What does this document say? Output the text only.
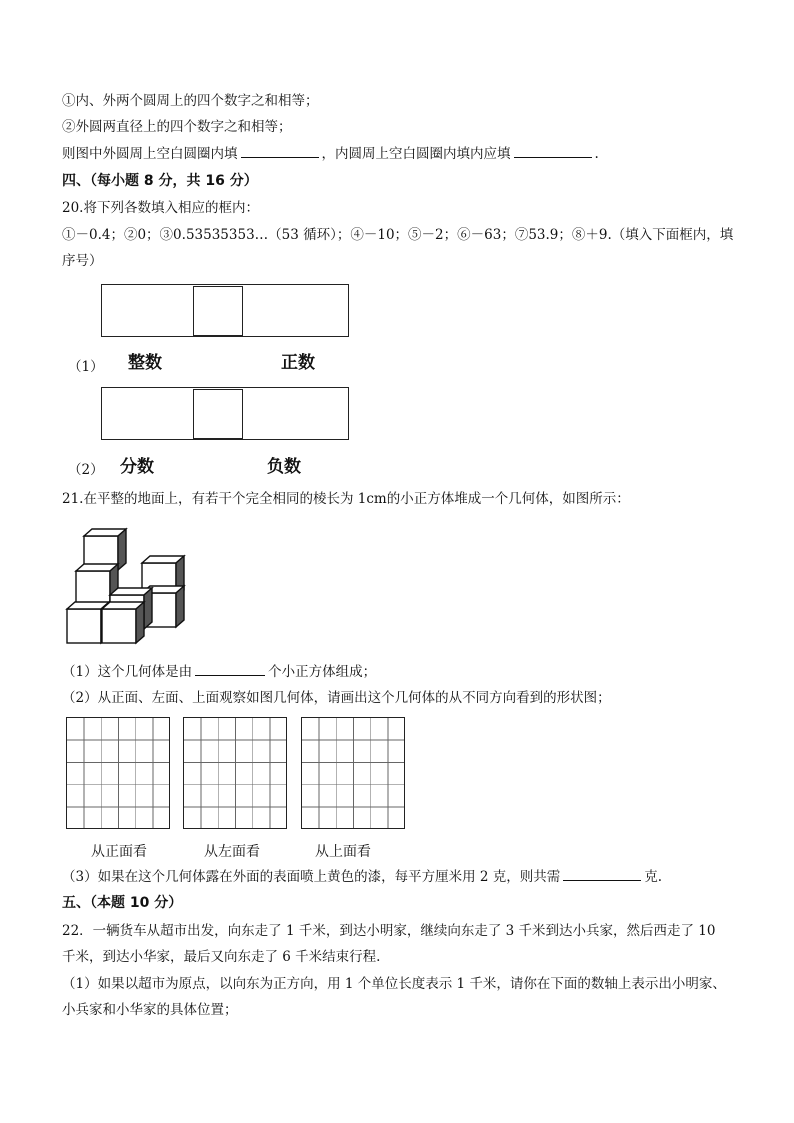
①内、外两个圆周上的四个数字之和相等；
②外圆两直径上的四个数字之和相等；
则图中外圆周上空白圆圈内填	，内圆周上空白圆圈内填内应填	.
四、（每小题 8 分，共 16 分）
20.将下列各数填入相应的框内：
①－0.4；②0；③0.53535353…（53 循环）；④－10；⑤－2；⑥－63；⑦53.9；⑧＋9.（填入下面框内，填
序号）
（1） 整数	正数
（2） 分数	负数
21.在平整的地面上，有若干个完全相同的棱长为 1cm的小正方体堆成一个几何体，如图所示：
（1）这个几何体是由	个小正方体组成；
（2）从正面、左面、上面观察如图几何体，请画出这个几何体的从不同方向看到的形状图；
从正面看	从左面看	从上面看
（3）如果在这个几何体露在外面的表面喷上黄色的漆，每平方厘米用 2 克，则共需	克.
五、（本题 10 分）
22．一辆货车从超市出发，向东走了 1 千米，到达小明家，继续向东走了 3 千米到达小兵家，然后西走了 10
千米，到达小华家，最后又向东走了 6 千米结束行程.
（1）如果以超市为原点，以向东为正方向，用 1 个单位长度表示 1 千米，请你在下面的数轴上表示出小明家、
小兵家和小华家的具体位置；
